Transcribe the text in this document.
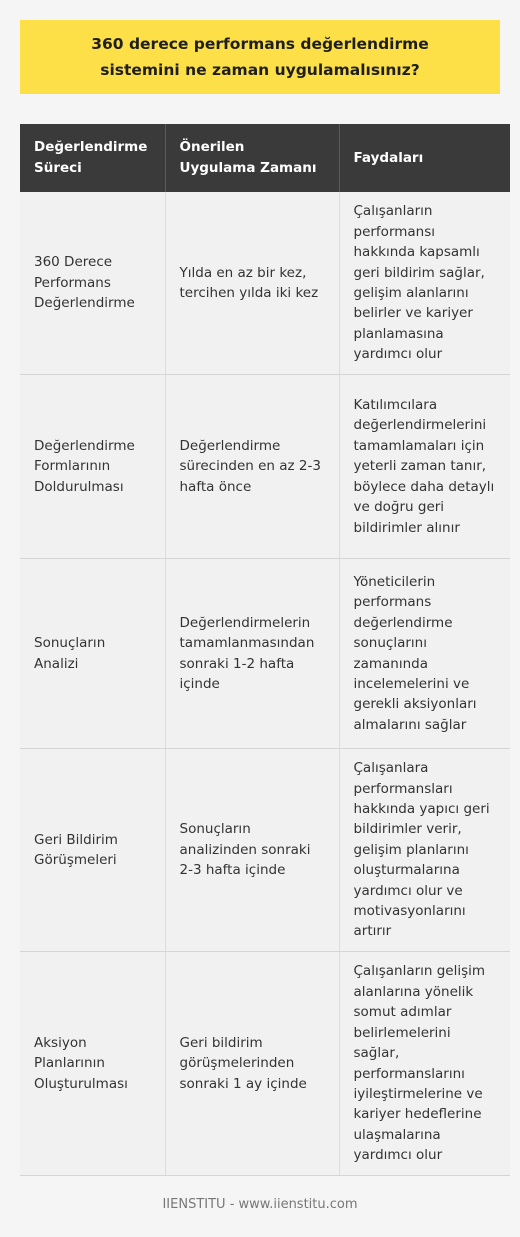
360 derece performans değerlendirme sistemini ne zaman uygulamalısınız?
Değerlendirme Süreci	Önerilen Uygulama Zamanı	Faydaları
360 Derece Performans Değerlendirme	Yılda en az bir kez, tercihen yılda iki kez	Çalışanların performansı hakkında kapsamlı geri bildirim sağlar, gelişim alanlarını belirler ve kariyer planlamasına yardımcı olur
Değerlendirme Formlarının Doldurulması	Değerlendirme sürecinden en az 2-3 hafta önce	Katılımcılara değerlendirmelerini tamamlamaları için yeterli zaman tanır, böylece daha detaylı ve doğru geri bildirimler alınır
Sonuçların Analizi	Değerlendirmelerin tamamlanmasından sonraki 1-2 hafta içinde	Yöneticilerin performans değerlendirme sonuçlarını zamanında incelemelerini ve gerekli aksiyonları almalarını sağlar
Geri Bildirim Görüşmeleri	Sonuçların analizinden sonraki 2-3 hafta içinde	Çalışanlara performansları hakkında yapıcı geri bildirimler verir, gelişim planlarını oluşturmalarına yardımcı olur ve motivasyonlarını artırır
Aksiyon Planlarının Oluşturulması	Geri bildirim görüşmelerinden sonraki 1 ay içinde	Çalışanların gelişim alanlarına yönelik somut adımlar belirlemelerini sağlar, performanslarını iyileştirmelerine ve kariyer hedeflerine ulaşmalarına yardımcı olur
IIENSTITU - www.iienstitu.com
